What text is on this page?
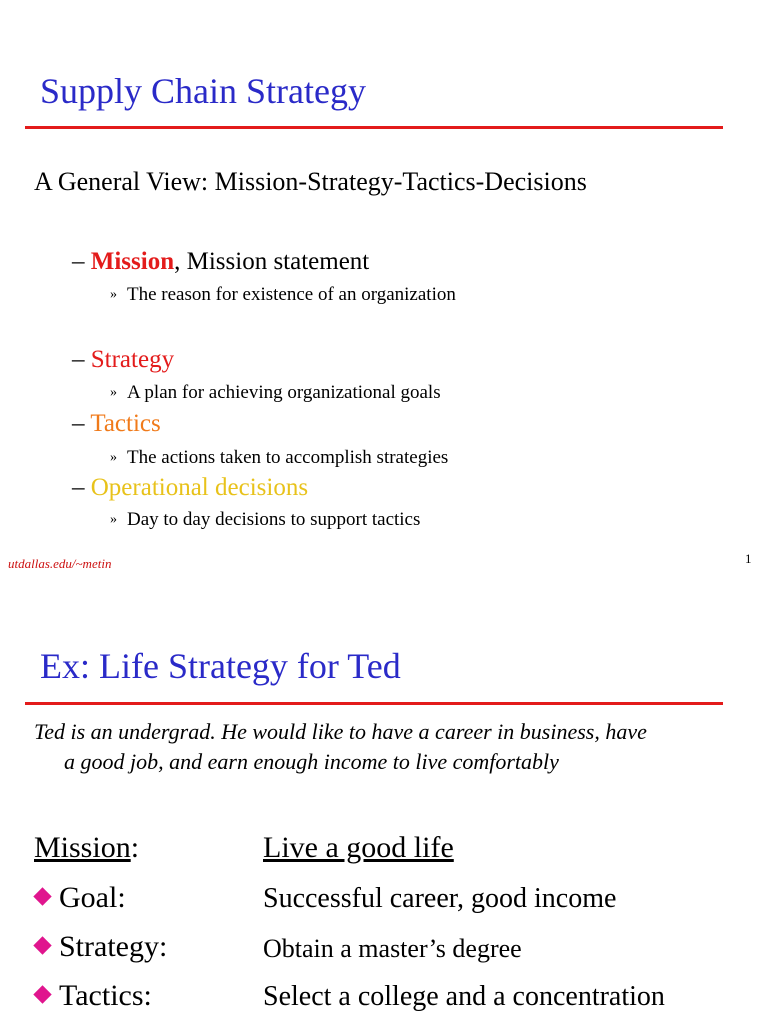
Supply Chain Strategy
A General View: Mission-Strategy-Tactics-Decisions
– Mission, Mission statement
» The reason for existence of an organization
– Strategy
» A plan for achieving organizational goals
– Tactics
» The actions taken to accomplish strategies
– Operational decisions
» Day to day decisions to support tactics
utdallas.edu/~metin	1
Ex: Life Strategy for Ted
Ted is an undergrad. He would like to have a career in business, have
a good job, and earn enough income to live comfortably
Mission:	Live a good life
Goal:	Successful career, good income
Strategy:	Obtain a master’s degree
Tactics:	Select a college and a concentration
